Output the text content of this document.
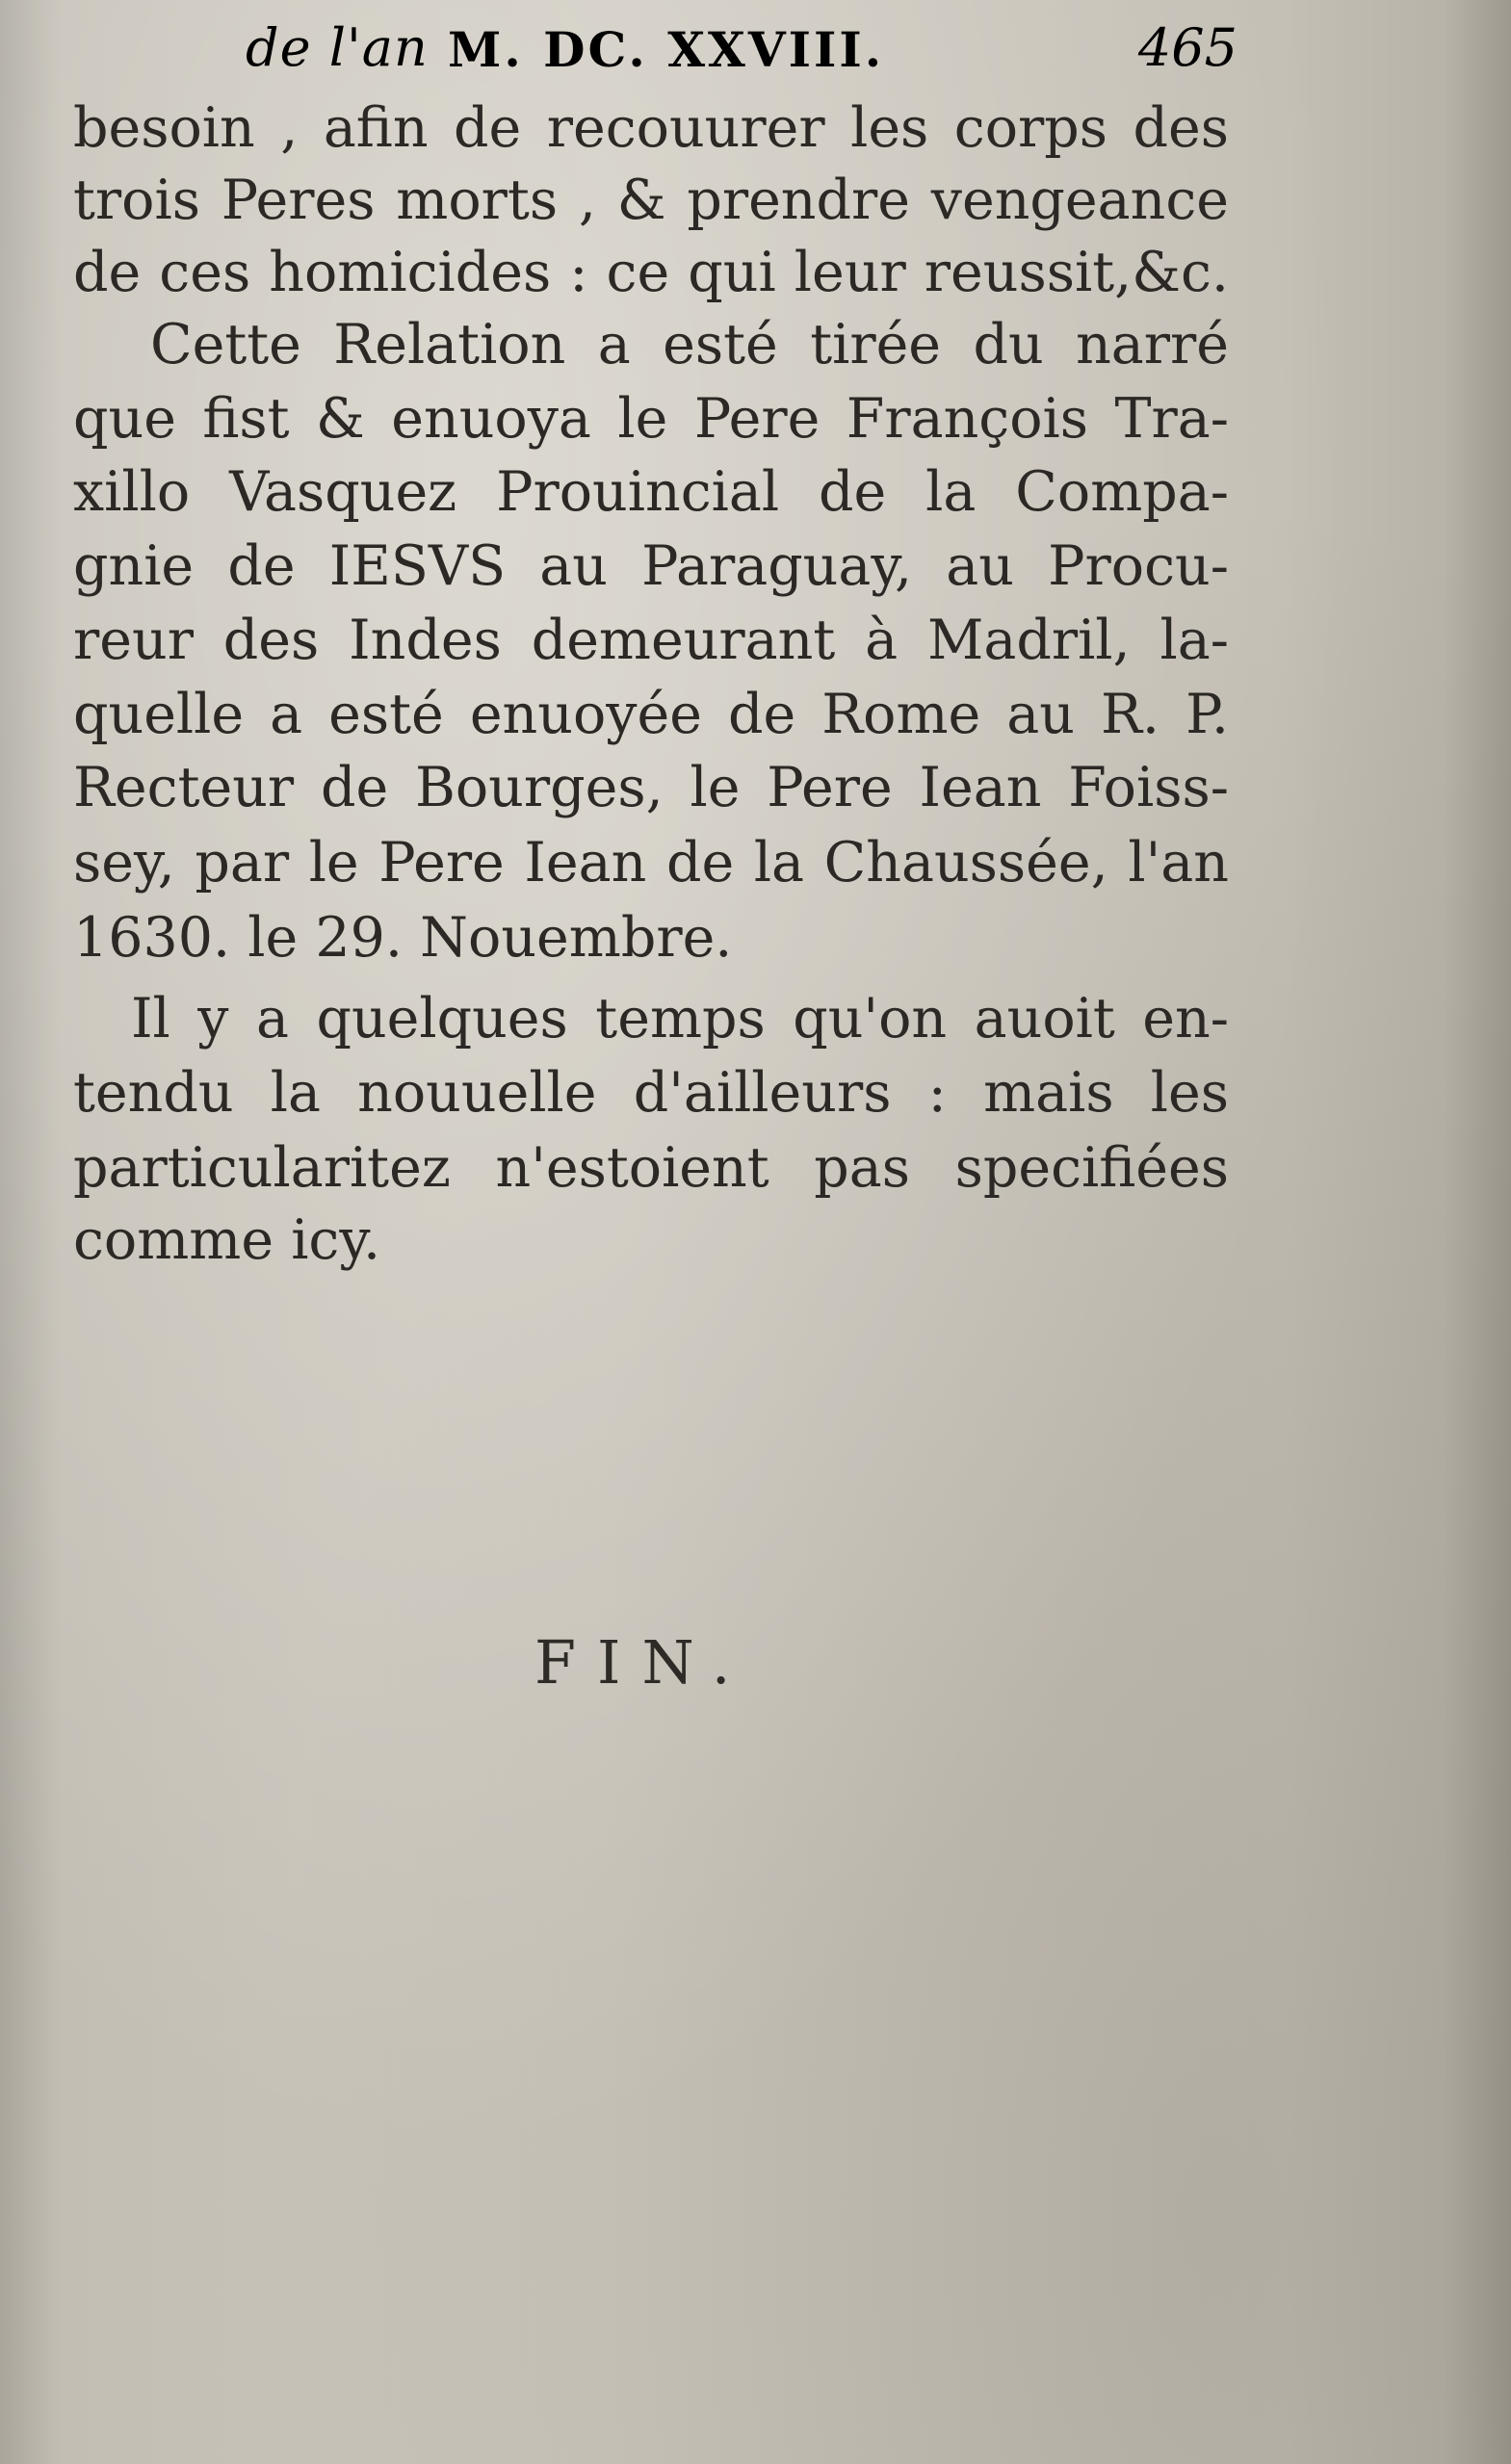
de l'an M. DC. XXVIII.	465
besoin , afin de recouurer les corps des
trois Peres morts , & prendre vengeance
de ces homicides : ce qui leur reussit,&c.
Cette Relation a esté tirée du narré
que fist & enuoya le Pere François Tra-
xillo Vasquez Prouincial de la Compa-
gnie de IESVS au Paraguay, au Procu-
reur des Indes demeurant à Madril, la-
quelle a esté enuoyée de Rome au R. P.
Recteur de Bourges, le Pere Iean Foiss-
sey, par le Pere Iean de la Chaussée, l'an
1630. le 29. Nouembre.
Il y a quelques temps qu'on auoit en-
tendu la nouuelle d'ailleurs : mais les
particularitez n'estoient pas specifiées
comme icy.
FIN.
